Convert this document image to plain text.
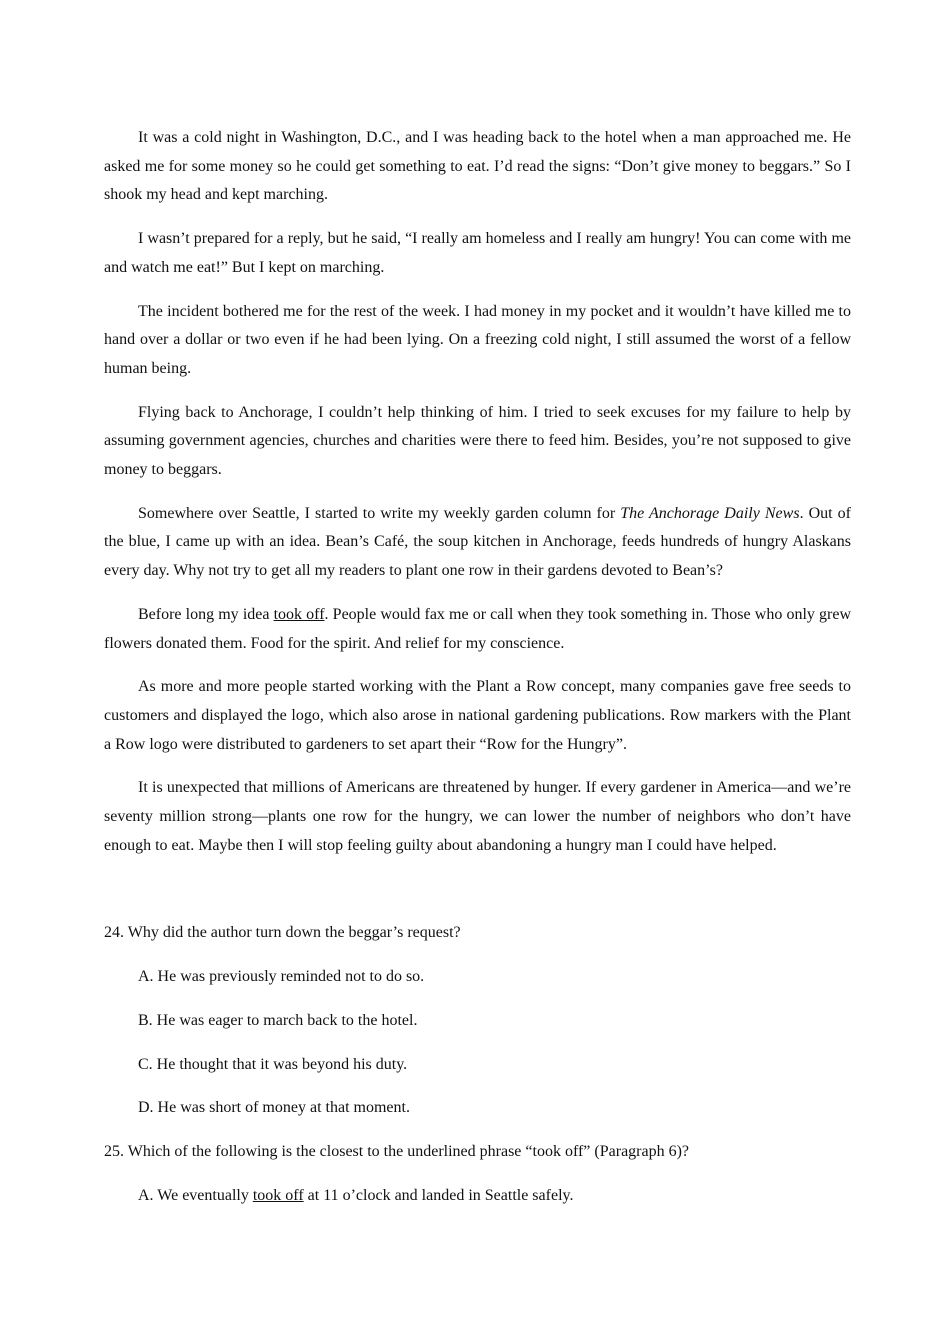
It was a cold night in Washington, D.C., and I was heading back to the hotel when a man approached me. He asked me for some money so he could get something to eat. I’d read the signs: “Don’t give money to beggars.” So I shook my head and kept marching.

I wasn’t prepared for a reply, but he said, “I really am homeless and I really am hungry! You can come with me and watch me eat!” But I kept on marching.

The incident bothered me for the rest of the week. I had money in my pocket and it wouldn’t have killed me to hand over a dollar or two even if he had been lying. On a freezing cold night, I still assumed the worst of a fellow human being.

Flying back to Anchorage, I couldn’t help thinking of him. I tried to seek excuses for my failure to help by assuming government agencies, churches and charities were there to feed him. Besides, you’re not supposed to give money to beggars.

Somewhere over Seattle, I started to write my weekly garden column for The Anchorage Daily News. Out of the blue, I came up with an idea. Bean’s Café, the soup kitchen in Anchorage, feeds hundreds of hungry Alaskans every day. Why not try to get all my readers to plant one row in their gardens devoted to Bean’s?

Before long my idea took off. People would fax me or call when they took something in. Those who only grew flowers donated them. Food for the spirit. And relief for my conscience.

As more and more people started working with the Plant a Row concept, many companies gave free seeds to customers and displayed the logo, which also arose in national gardening publications. Row markers with the Plant a Row logo were distributed to gardeners to set apart their “Row for the Hungry”.

It is unexpected that millions of Americans are threatened by hunger. If every gardener in America—and we’re seventy million strong—plants one row for the hungry, we can lower the number of neighbors who don’t have enough to eat. Maybe then I will stop feeling guilty about abandoning a hungry man I could have helped.

24. Why did the author turn down the beggar’s request?

A. He was previously reminded not to do so.

B. He was eager to march back to the hotel.

C. He thought that it was beyond his duty.

D. He was short of money at that moment.

25. Which of the following is the closest to the underlined phrase “took off” (Paragraph 6)?

A. We eventually took off at 11 o’clock and landed in Seattle safely.
